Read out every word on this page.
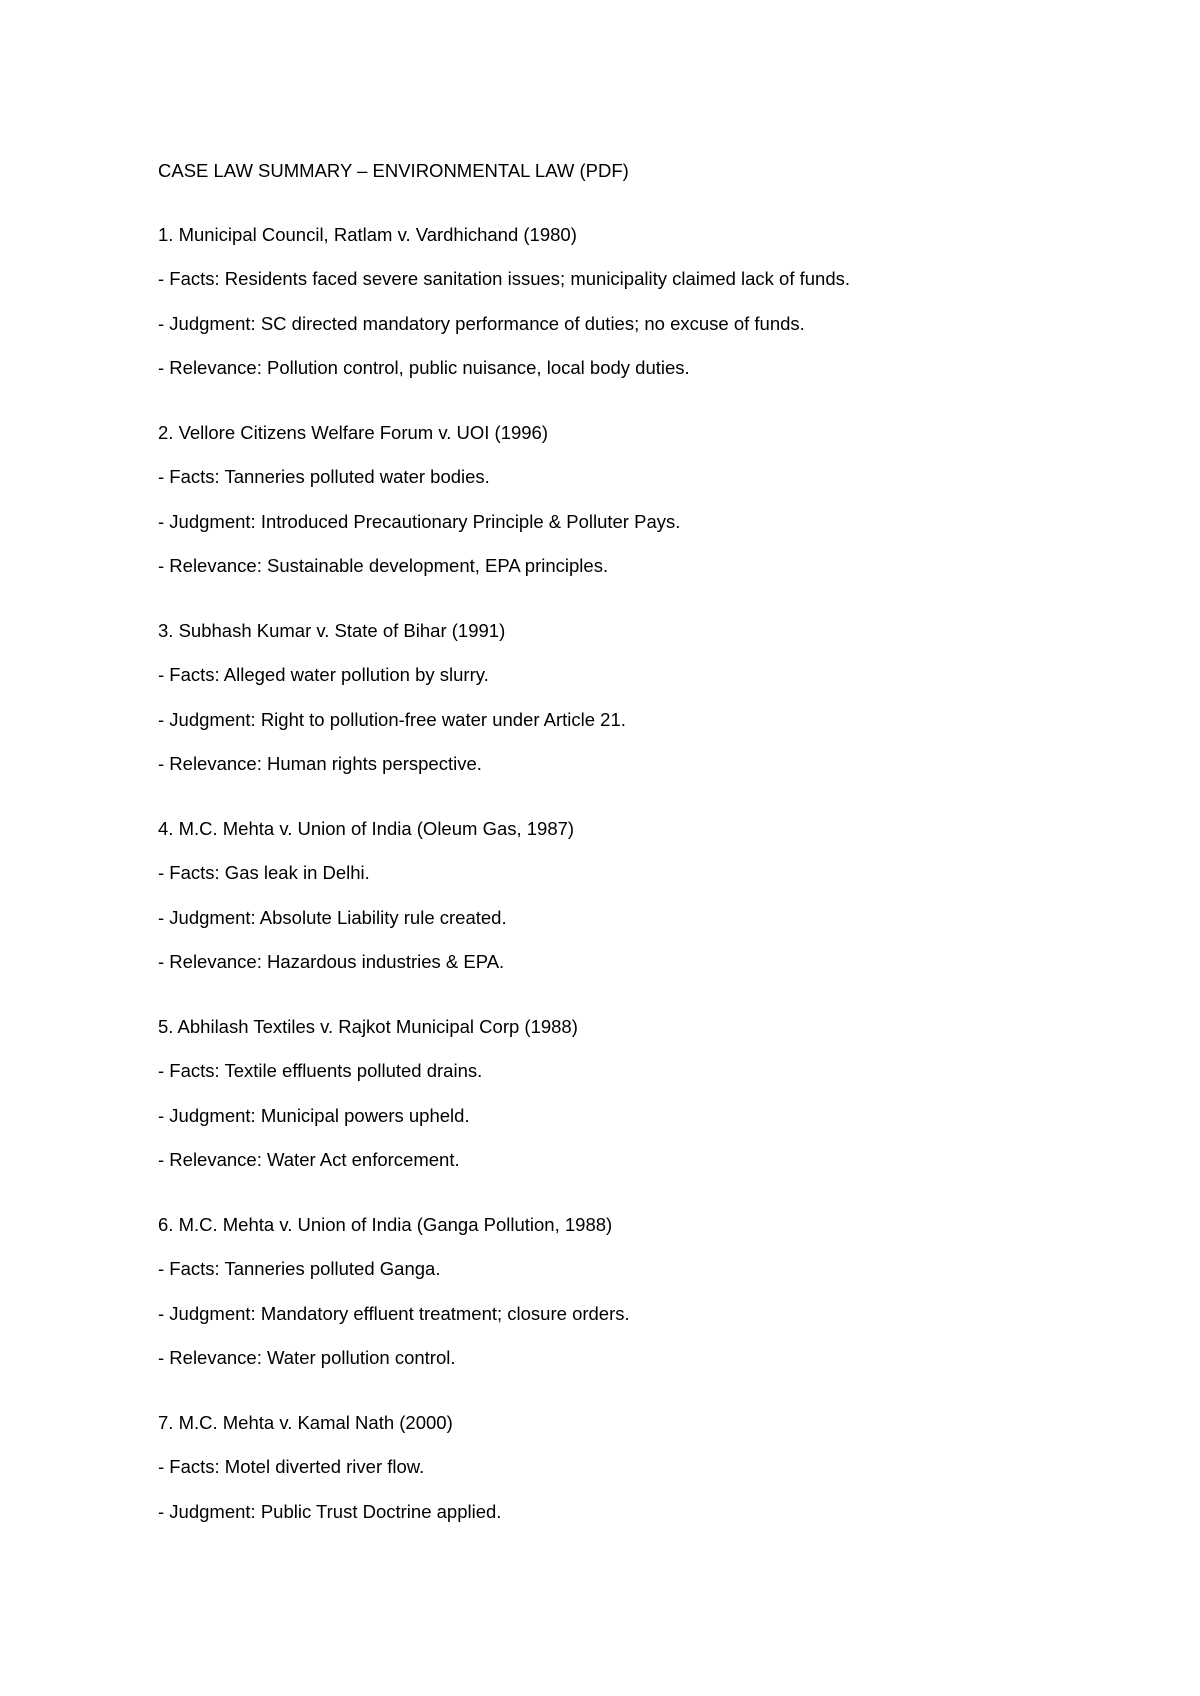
CASE LAW SUMMARY – ENVIRONMENTAL LAW (PDF)
1. Municipal Council, Ratlam v. Vardhichand (1980)
- Facts: Residents faced severe sanitation issues; municipality claimed lack of funds.
- Judgment: SC directed mandatory performance of duties; no excuse of funds.
- Relevance: Pollution control, public nuisance, local body duties.
2. Vellore Citizens Welfare Forum v. UOI (1996)
- Facts: Tanneries polluted water bodies.
- Judgment: Introduced Precautionary Principle & Polluter Pays.
- Relevance: Sustainable development, EPA principles.
3. Subhash Kumar v. State of Bihar (1991)
- Facts: Alleged water pollution by slurry.
- Judgment: Right to pollution-free water under Article 21.
- Relevance: Human rights perspective.
4. M.C. Mehta v. Union of India (Oleum Gas, 1987)
- Facts: Gas leak in Delhi.
- Judgment: Absolute Liability rule created.
- Relevance: Hazardous industries & EPA.
5. Abhilash Textiles v. Rajkot Municipal Corp (1988)
- Facts: Textile effluents polluted drains.
- Judgment: Municipal powers upheld.
- Relevance: Water Act enforcement.
6. M.C. Mehta v. Union of India (Ganga Pollution, 1988)
- Facts: Tanneries polluted Ganga.
- Judgment: Mandatory effluent treatment; closure orders.
- Relevance: Water pollution control.
7. M.C. Mehta v. Kamal Nath (2000)
- Facts: Motel diverted river flow.
- Judgment: Public Trust Doctrine applied.
